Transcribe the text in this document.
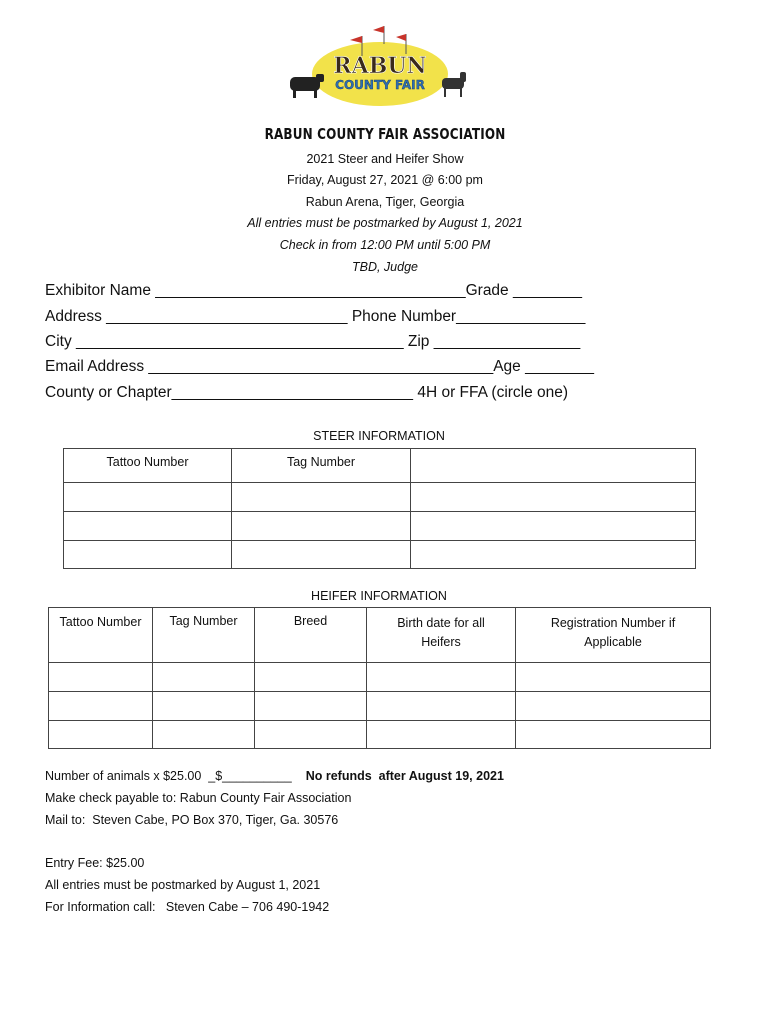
RABUN
COUNTY FAIR
RABUN COUNTY FAIR ASSOCIATION
2021 Steer and Heifer Show
Friday, August 27, 2021 @ 6:00 pm
Rabun Arena, Tiger, Georgia
All entries must be postmarked by August 1, 2021
Check in from 12:00 PM until 5:00 PM
TBD, Judge
Exhibitor Name ____________________________________Grade ________
Address ____________________________ Phone Number_______________
City ______________________________________ Zip _________________
Email Address ________________________________________Age ________
County or Chapter____________________________ 4H or FFA (circle one)
STEER INFORMATION
Tattoo Number	Tag Number	

HEIFER INFORMATION
Tattoo Number	Tag Number	Breed	Birth date for all Heifers	Registration Number if Applicable

Number of animals x $25.00  _$__________ No refunds  after August 19, 2021
Make check payable to: Rabun County Fair Association
Mail to:  Steven Cabe, PO Box 370, Tiger, Ga. 30576
Entry Fee: $25.00
All entries must be postmarked by August 1, 2021
For Information call:   Steven Cabe – 706 490-1942
